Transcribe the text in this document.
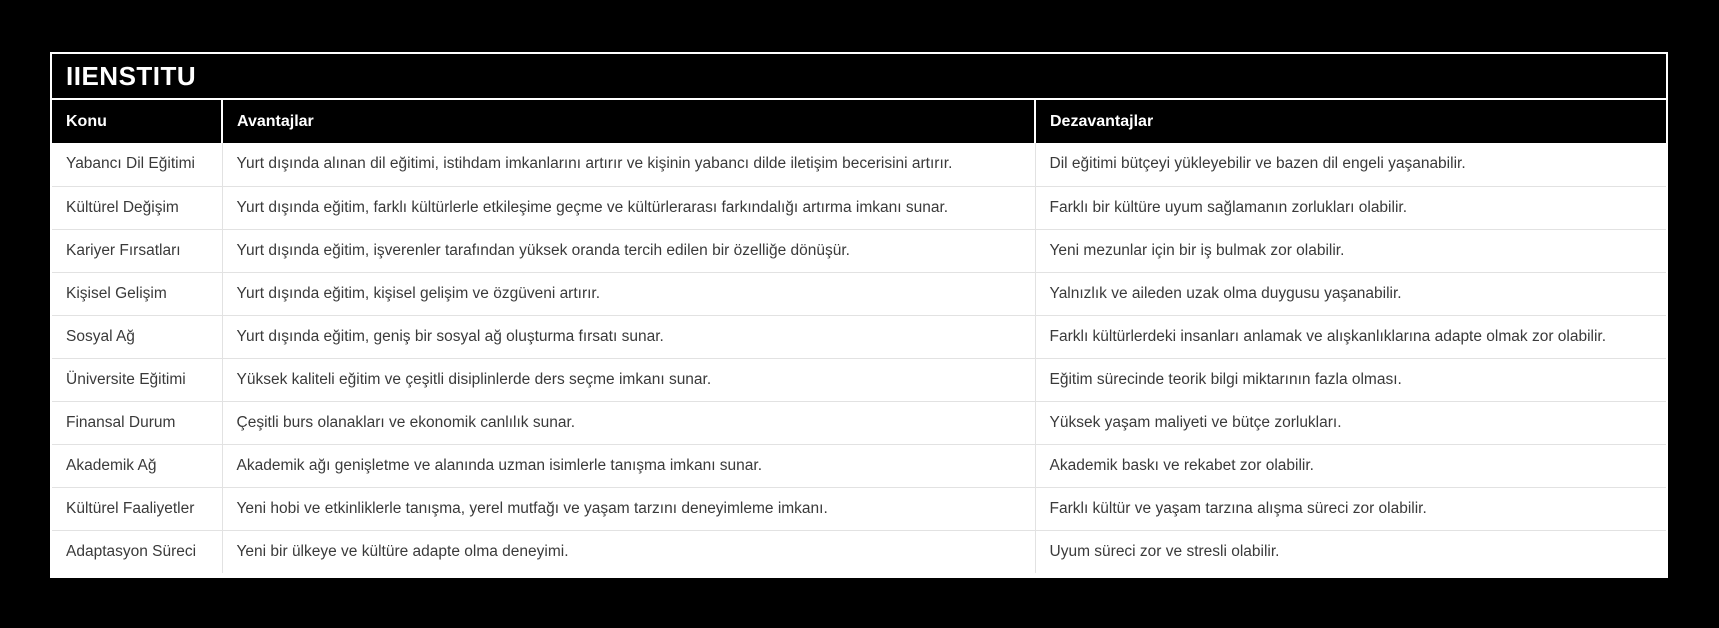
IIENSTITU
Konu	Avantajlar	Dezavantajlar
Yabancı Dil Eğitimi	Yurt dışında alınan dil eğitimi, istihdam imkanlarını artırır ve kişinin yabancı dilde iletişim becerisini artırır.	Dil eğitimi bütçeyi yükleyebilir ve bazen dil engeli yaşanabilir.
Kültürel Değişim	Yurt dışında eğitim, farklı kültürlerle etkileşime geçme ve kültürlerarası farkındalığı artırma imkanı sunar.	Farklı bir kültüre uyum sağlamanın zorlukları olabilir.
Kariyer Fırsatları	Yurt dışında eğitim, işverenler tarafından yüksek oranda tercih edilen bir özelliğe dönüşür.	Yeni mezunlar için bir iş bulmak zor olabilir.
Kişisel Gelişim	Yurt dışında eğitim, kişisel gelişim ve özgüveni artırır.	Yalnızlık ve aileden uzak olma duygusu yaşanabilir.
Sosyal Ağ	Yurt dışında eğitim, geniş bir sosyal ağ oluşturma fırsatı sunar.	Farklı kültürlerdeki insanları anlamak ve alışkanlıklarına adapte olmak zor olabilir.
Üniversite Eğitimi	Yüksek kaliteli eğitim ve çeşitli disiplinlerde ders seçme imkanı sunar.	Eğitim sürecinde teorik bilgi miktarının fazla olması.
Finansal Durum	Çeşitli burs olanakları ve ekonomik canlılık sunar.	Yüksek yaşam maliyeti ve bütçe zorlukları.
Akademik Ağ	Akademik ağı genişletme ve alanında uzman isimlerle tanışma imkanı sunar.	Akademik baskı ve rekabet zor olabilir.
Kültürel Faaliyetler	Yeni hobi ve etkinliklerle tanışma, yerel mutfağı ve yaşam tarzını deneyimleme imkanı.	Farklı kültür ve yaşam tarzına alışma süreci zor olabilir.
Adaptasyon Süreci	Yeni bir ülkeye ve kültüre adapte olma deneyimi.	Uyum süreci zor ve stresli olabilir.
